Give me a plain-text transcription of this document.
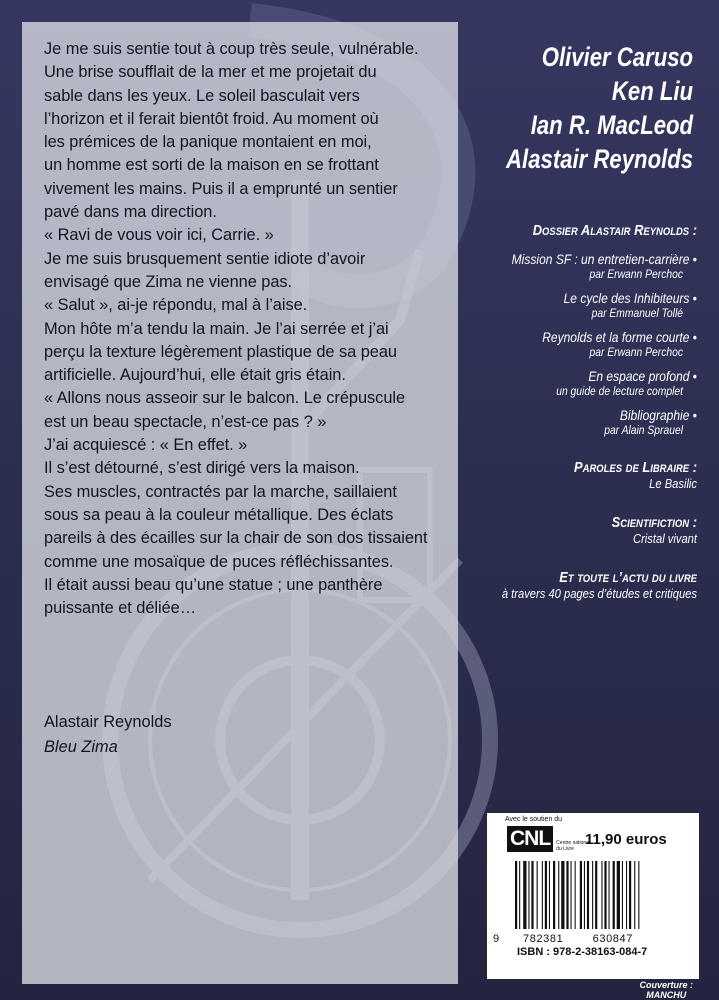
Je me suis sentie tout à coup très seule, vulnérable.
Une brise soufflait de la mer et me projetait du
sable dans les yeux. Le soleil basculait vers
l’horizon et il ferait bientôt froid. Au moment où
les prémices de la panique montaient en moi,
un homme est sorti de la maison en se frottant
vivement les mains. Puis il a emprunté un sentier
pavé dans ma direction.
« Ravi de vous voir ici, Carrie. »
Je me suis brusquement sentie idiote d’avoir
envisagé que Zima ne vienne pas.
« Salut », ai-je répondu, mal à l’aise.
Mon hôte m’a tendu la main. Je l’ai serrée et j’ai
perçu la texture légèrement plastique de sa peau
artificielle. Aujourd’hui, elle était gris étain.
« Allons nous asseoir sur le balcon. Le crépuscule
est un beau spectacle, n’est-ce pas ? »
J’ai acquiescé : « En effet. »
Il s’est détourné, s’est dirigé vers la maison.
Ses muscles, contractés par la marche, saillaient
sous sa peau à la couleur métallique. Des éclats
pareils à des écailles sur la chair de son dos tissaient
comme une mosaïque de puces réfléchissantes.
Il était aussi beau qu’une statue ; une panthère
puissante et déliée…
Alastair Reynolds
Bleu Zima
Olivier Caruso
Ken Liu
Ian R. MacLeod
Alastair Reynolds
Dossier Alastair Reynolds :
Mission SF : un entretien-carrière •
par Erwann Perchoc
Le cycle des Inhibiteurs •
par Emmanuel Tollé
Reynolds et la forme courte •
par Erwann Perchoc
En espace profond •
un guide de lecture complet
Bibliographie •
par Alain Sprauel
Paroles de Libraire :
Le Basilic
Scientifiction :
Cristal vivant
Et toute l’actu du livre
à travers 40 pages d’études et critiques
Avec le soutien du
CNL	Centre national du Livre
11,90 euros
9 782381	630847
ISBN : 978-2-38163-084-7
Couverture :
MANCHU
